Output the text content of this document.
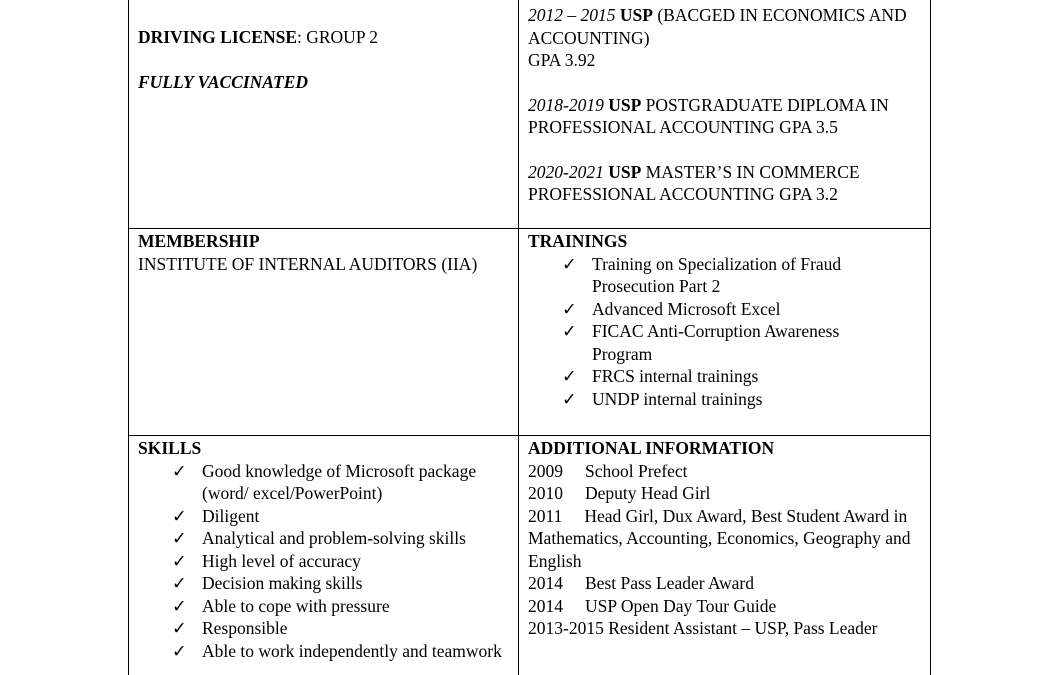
DRIVING LICENSE: GROUP 2

FULLY VACCINATED

2012 – 2015 USP (BACGED IN ECONOMICS AND ACCOUNTING)
GPA 3.92

2018-2019 USP POSTGRADUATE DIPLOMA IN PROFESSIONAL ACCOUNTING GPA 3.5

2020-2021 USP MASTER’S IN COMMERCE PROFESSIONAL ACCOUNTING GPA 3.2

MEMBERSHIP
INSTITUTE OF INTERNAL AUDITORS (IIA)
TRAININGS
✓ Training on Specialization of Fraud Prosecution Part 2
✓ Advanced Microsoft Excel
✓ FICAC Anti-Corruption Awareness Program
✓ FRCS internal trainings
✓ UNDP internal trainings
SKILLS
✓ Good knowledge of Microsoft package (word/ excel/PowerPoint)
✓ Diligent
✓ Analytical and problem-solving skills
✓ High level of accuracy
✓ Decision making skills
✓ Able to cope with pressure
✓ Responsible
✓ Able to work independently and teamwork
ADDITIONAL INFORMATION
2009 School Prefect
2010 Deputy Head Girl
2011 Head Girl, Dux Award, Best Student Award in Mathematics, Accounting, Economics, Geography and English
2014 Best Pass Leader Award
2014 USP Open Day Tour Guide
2013-2015 Resident Assistant – USP, Pass Leader
